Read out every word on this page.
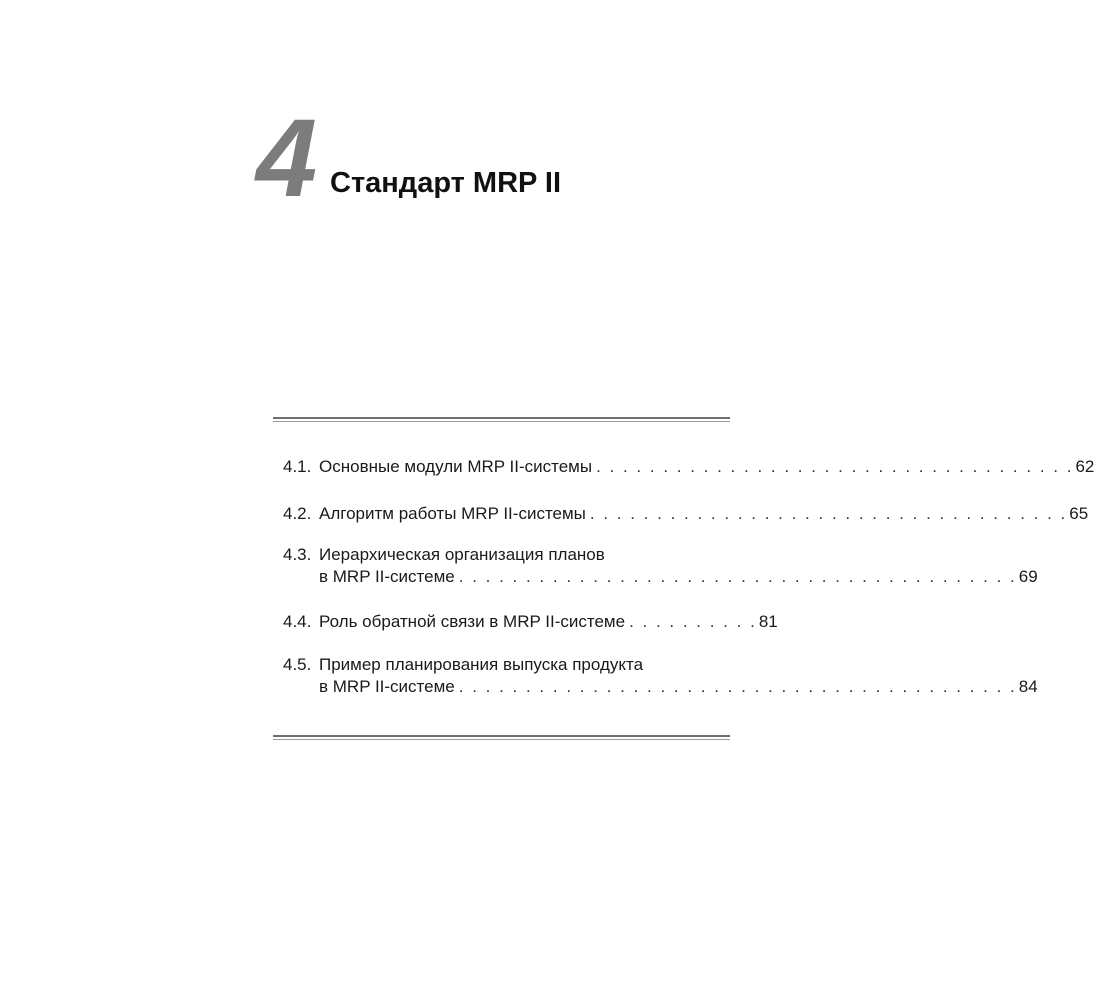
4 Стандарт MRP II
4.1. Основные модули MRP II-системы . . . . . . . . . . . . . . . . . . . . . . . . . . . . . . . . . . . . 62
4.2. Алгоритм работы MRP II-системы . . . . . . . . . . . . . . . . . . . . . . . . . . . . . . . . . . . . 65
4.3. Иерархическая организация планов
в MRP II-системе . . . . . . . . . . . . . . . . . . . . . . . . . . . . . . . . . . . . . . . . . . 69
4.4. Роль обратной связи в MRP II-системе . . . . . . . . . . 81
4.5. Пример планирования выпуска продукта
в MRP II-системе . . . . . . . . . . . . . . . . . . . . . . . . . . . . . . . . . . . . . . . . . . 84
